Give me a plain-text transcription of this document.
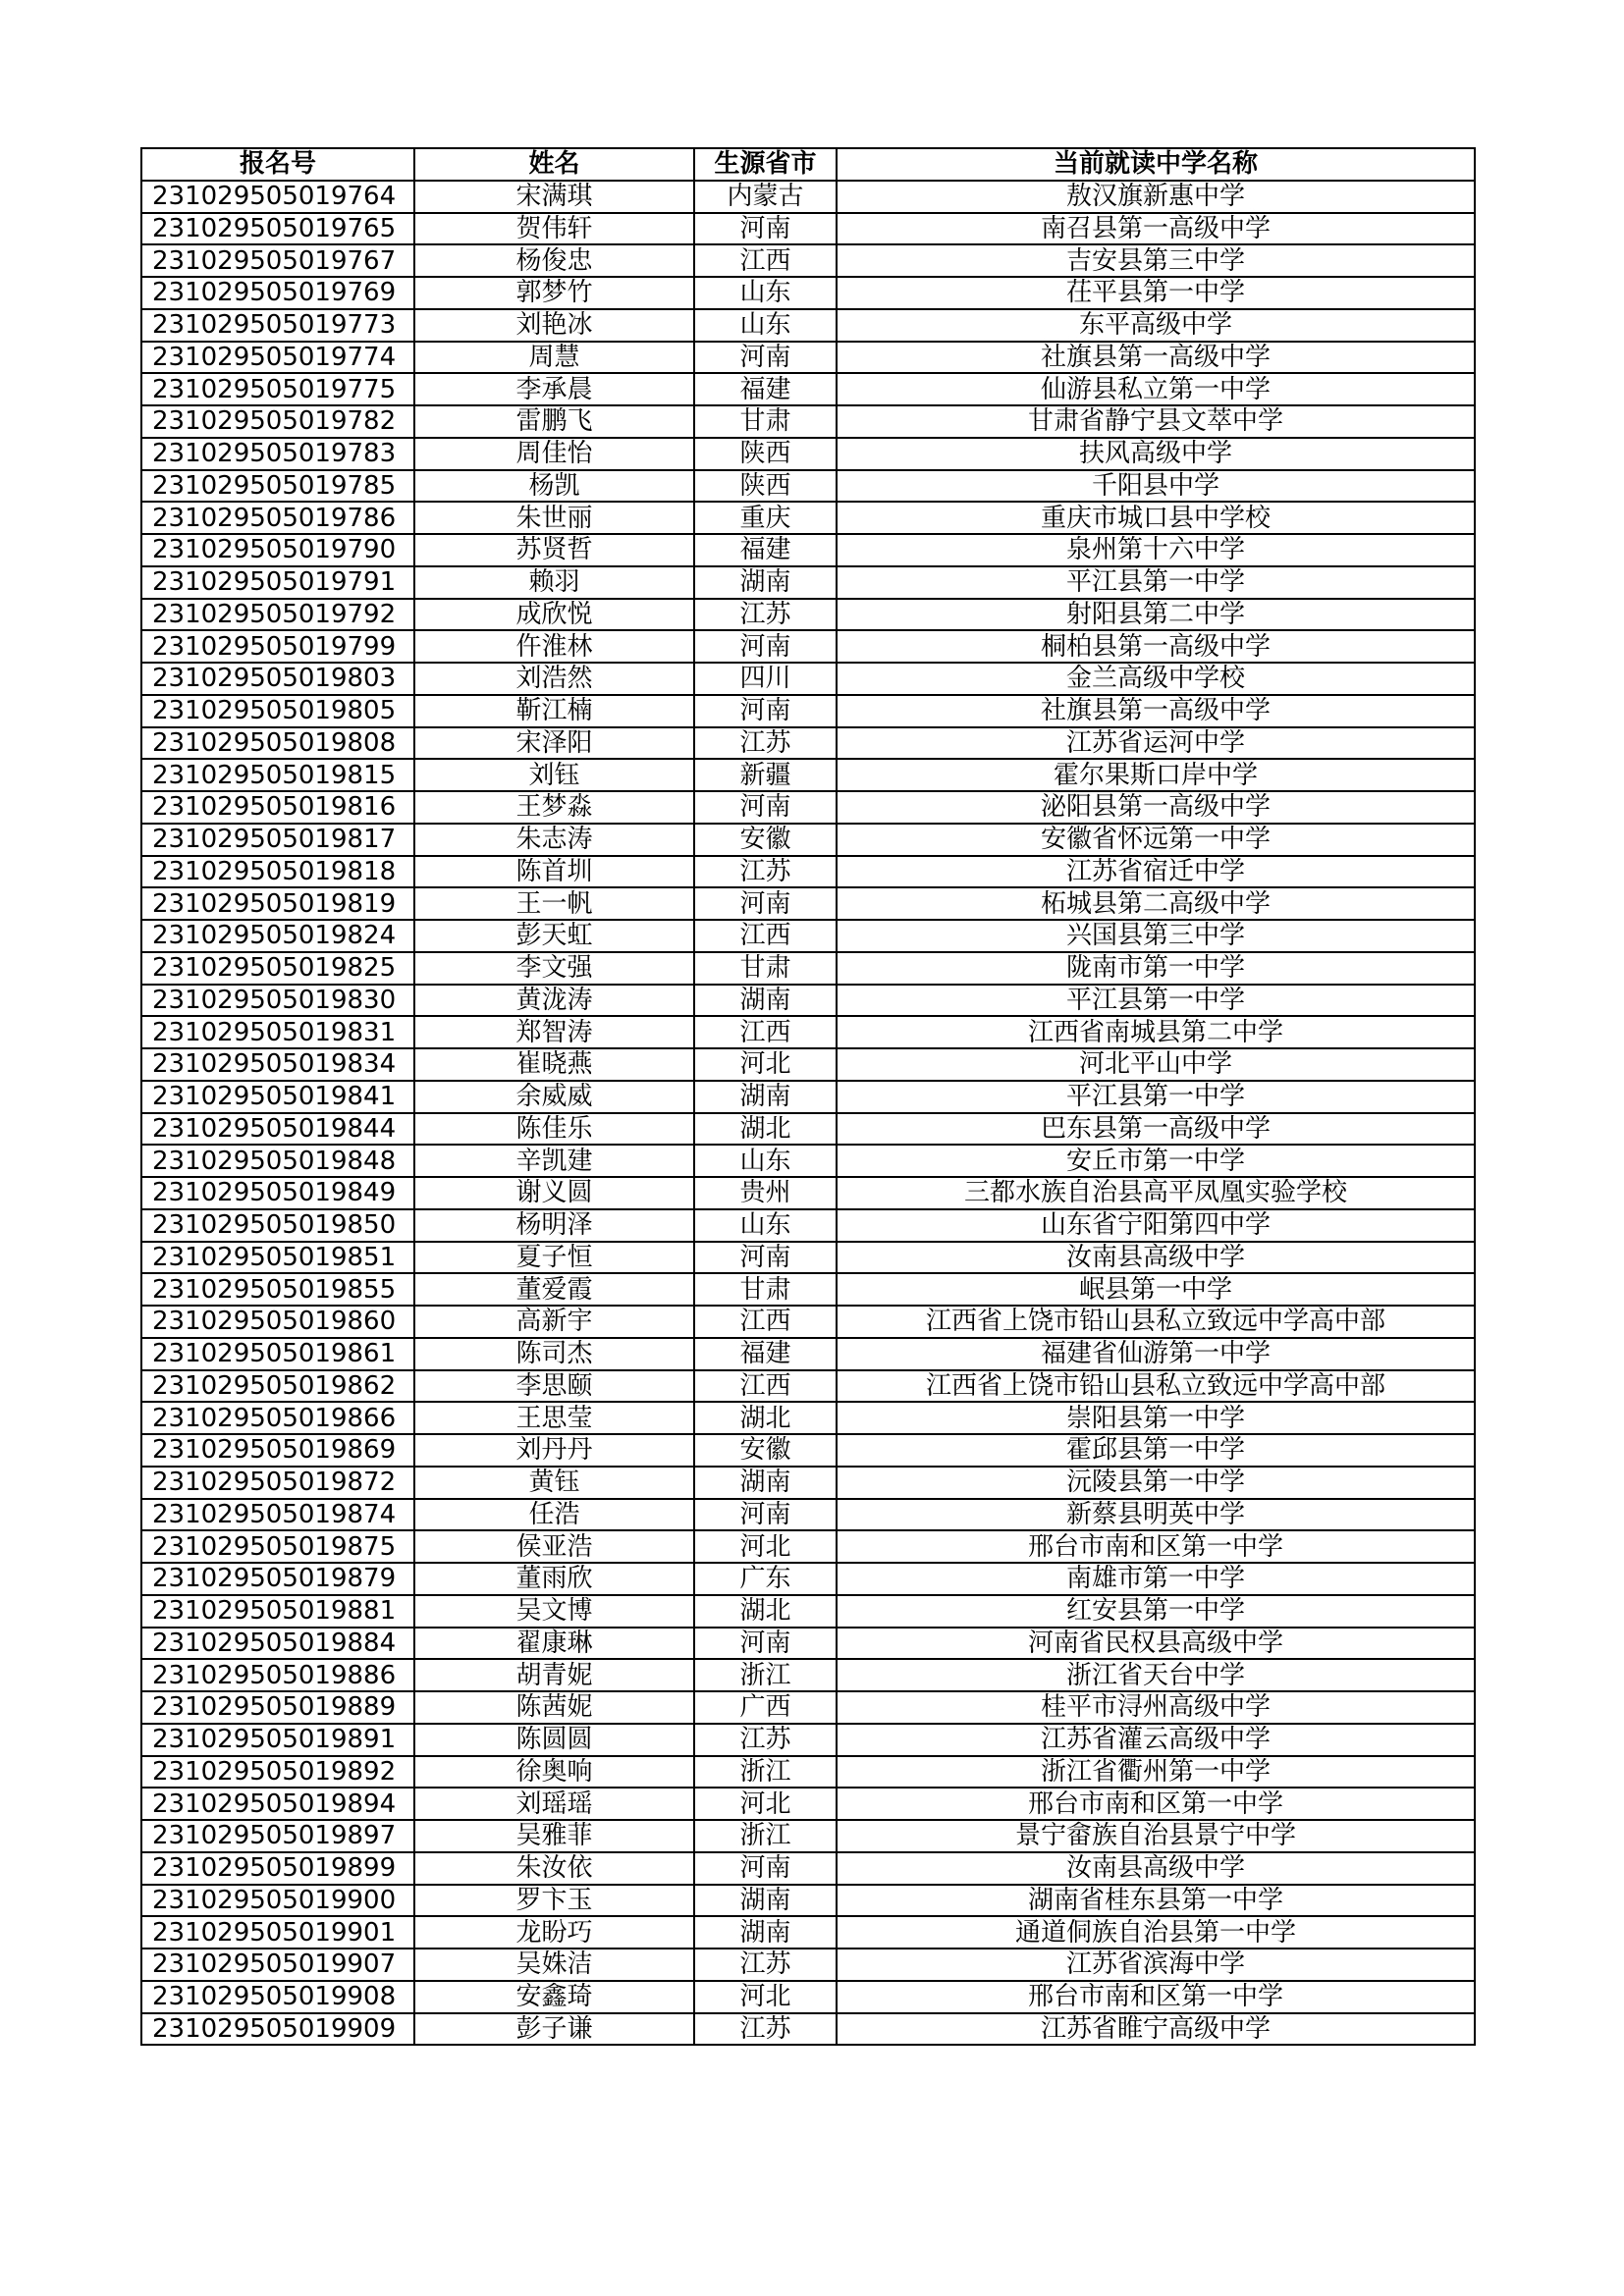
报名号	姓名	生源省市	当前就读中学名称
231029505019764	宋满琪	内蒙古	敖汉旗新惠中学
231029505019765	贺伟轩	河南	南召县第一高级中学
231029505019767	杨俊忠	江西	吉安县第三中学
231029505019769	郭梦竹	山东	茌平县第一中学
231029505019773	刘艳冰	山东	东平高级中学
231029505019774	周慧	河南	社旗县第一高级中学
231029505019775	李承晨	福建	仙游县私立第一中学
231029505019782	雷鹏飞	甘肃	甘肃省静宁县文萃中学
231029505019783	周佳怡	陕西	扶风高级中学
231029505019785	杨凯	陕西	千阳县中学
231029505019786	朱世丽	重庆	重庆市城口县中学校
231029505019790	苏贤哲	福建	泉州第十六中学
231029505019791	赖羽	湖南	平江县第一中学
231029505019792	成欣悦	江苏	射阳县第二中学
231029505019799	仵淮林	河南	桐柏县第一高级中学
231029505019803	刘浩然	四川	金兰高级中学校
231029505019805	靳江楠	河南	社旗县第一高级中学
231029505019808	宋泽阳	江苏	江苏省运河中学
231029505019815	刘钰	新疆	霍尔果斯口岸中学
231029505019816	王梦淼	河南	泌阳县第一高级中学
231029505019817	朱志涛	安徽	安徽省怀远第一中学
231029505019818	陈首圳	江苏	江苏省宿迁中学
231029505019819	王一帆	河南	柘城县第二高级中学
231029505019824	彭天虹	江西	兴国县第三中学
231029505019825	李文强	甘肃	陇南市第一中学
231029505019830	黄泷涛	湖南	平江县第一中学
231029505019831	郑智涛	江西	江西省南城县第二中学
231029505019834	崔晓燕	河北	河北平山中学
231029505019841	余威威	湖南	平江县第一中学
231029505019844	陈佳乐	湖北	巴东县第一高级中学
231029505019848	辛凯建	山东	安丘市第一中学
231029505019849	谢义圆	贵州	三都水族自治县高平凤凰实验学校
231029505019850	杨明泽	山东	山东省宁阳第四中学
231029505019851	夏子恒	河南	汝南县高级中学
231029505019855	董爱霞	甘肃	岷县第一中学
231029505019860	高新宇	江西	江西省上饶市铅山县私立致远中学高中部
231029505019861	陈司杰	福建	福建省仙游第一中学
231029505019862	李思颐	江西	江西省上饶市铅山县私立致远中学高中部
231029505019866	王思莹	湖北	崇阳县第一中学
231029505019869	刘丹丹	安徽	霍邱县第一中学
231029505019872	黄钰	湖南	沅陵县第一中学
231029505019874	任浩	河南	新蔡县明英中学
231029505019875	侯亚浩	河北	邢台市南和区第一中学
231029505019879	董雨欣	广东	南雄市第一中学
231029505019881	吴文博	湖北	红安县第一中学
231029505019884	翟康琳	河南	河南省民权县高级中学
231029505019886	胡青妮	浙江	浙江省天台中学
231029505019889	陈茜妮	广西	桂平市浔州高级中学
231029505019891	陈圆圆	江苏	江苏省灌云高级中学
231029505019892	徐奥响	浙江	浙江省衢州第一中学
231029505019894	刘瑶瑶	河北	邢台市南和区第一中学
231029505019897	吴雅菲	浙江	景宁畲族自治县景宁中学
231029505019899	朱汝依	河南	汝南县高级中学
231029505019900	罗卞玉	湖南	湖南省桂东县第一中学
231029505019901	龙盼巧	湖南	通道侗族自治县第一中学
231029505019907	吴姝洁	江苏	江苏省滨海中学
231029505019908	安鑫琦	河北	邢台市南和区第一中学
231029505019909	彭子谦	江苏	江苏省睢宁高级中学
